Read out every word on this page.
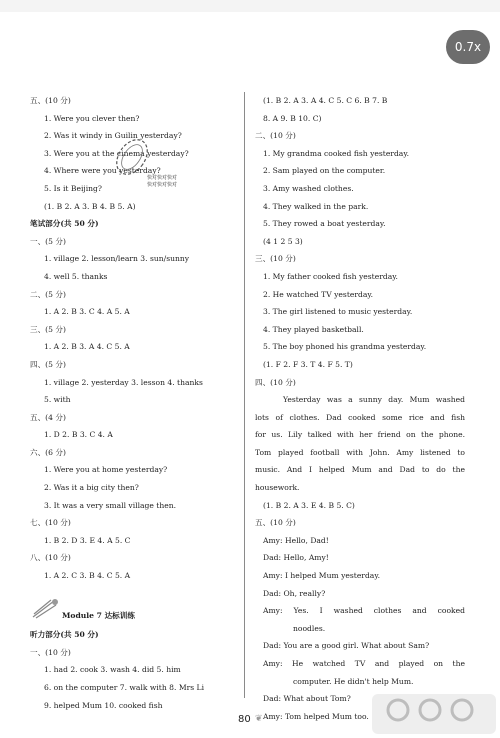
0.7x
五、(10 分)
1. Were you clever then?
2. Was it windy in Guilin yesterday?
3. Were you at the cinema yesterday?
4. Where were you yesterday?
5. Is it Beijing?
(1. B 2. A 3. B 4. B 5. A)
笔试部分(共 50 分)
一、(5 分)
1. village 2. lesson/learn 3. sun/sunny
4. well 5. thanks
二、(5 分)
1. A 2. B 3. C 4. A 5. A
三、(5 分)
1. A 2. B 3. A 4. C 5. A
四、(5 分)
1. village 2. yesterday 3. lesson 4. thanks
5. with
五、(4 分)
1. D 2. B 3. C 4. A
六、(6 分)
1. Were you at home yesterday?
2. Was it a big city then?
3. It was a very small village then.
七、(10 分)
1. B 2. D 3. E 4. A 5. C
八、(10 分)
1. A 2. C 3. B 4. C 5. A
Module 7 达标训练
听力部分(共 50 分)
一、(10 分)
1. had 2. cook 3. wash 4. did 5. him
6. on the computer 7. walk with 8. Mrs Li
9. helped Mum 10. cooked fish
(1. B 2. A 3. A 4. C 5. C 6. B 7. B
8. A 9. B 10. C)
二、(10 分)
1. My grandma cooked fish yesterday.
2. Sam played on the computer.
3. Amy washed clothes.
4. They walked in the park.
5. They rowed a boat yesterday.
(4 1 2 5 3)
三、(10 分)
1. My father cooked fish yesterday.
2. He watched TV yesterday.
3. The girl listened to music yesterday.
4. They played basketball.
5. The boy phoned his grandma yesterday.
(1. F 2. F 3. T 4. F 5. T)
四、(10 分)
Yesterday was a sunny day. Mum washed
lots of clothes. Dad cooked some rice and fish
for us. Lily talked with her friend on the phone.
Tom played football with John. Amy listened to
music. And I helped Mum and Dad to do the
housework.
(1. B 2. A 3. E 4. B 5. C)
五、(10 分)
Amy: Hello, Dad!
Dad: Hello, Amy!
Amy: I helped Mum yesterday.
Dad: Oh, really?
Amy: Yes. I washed clothes and cooked
noodles.
Dad: You are a good girl. What about Sam?
Amy: He watched TV and played on the
computer. He didn't help Mum.
Dad: What about Tom?
Amy: Tom helped Mum too.
快对快对快对
快对快对快对
80 ❦
